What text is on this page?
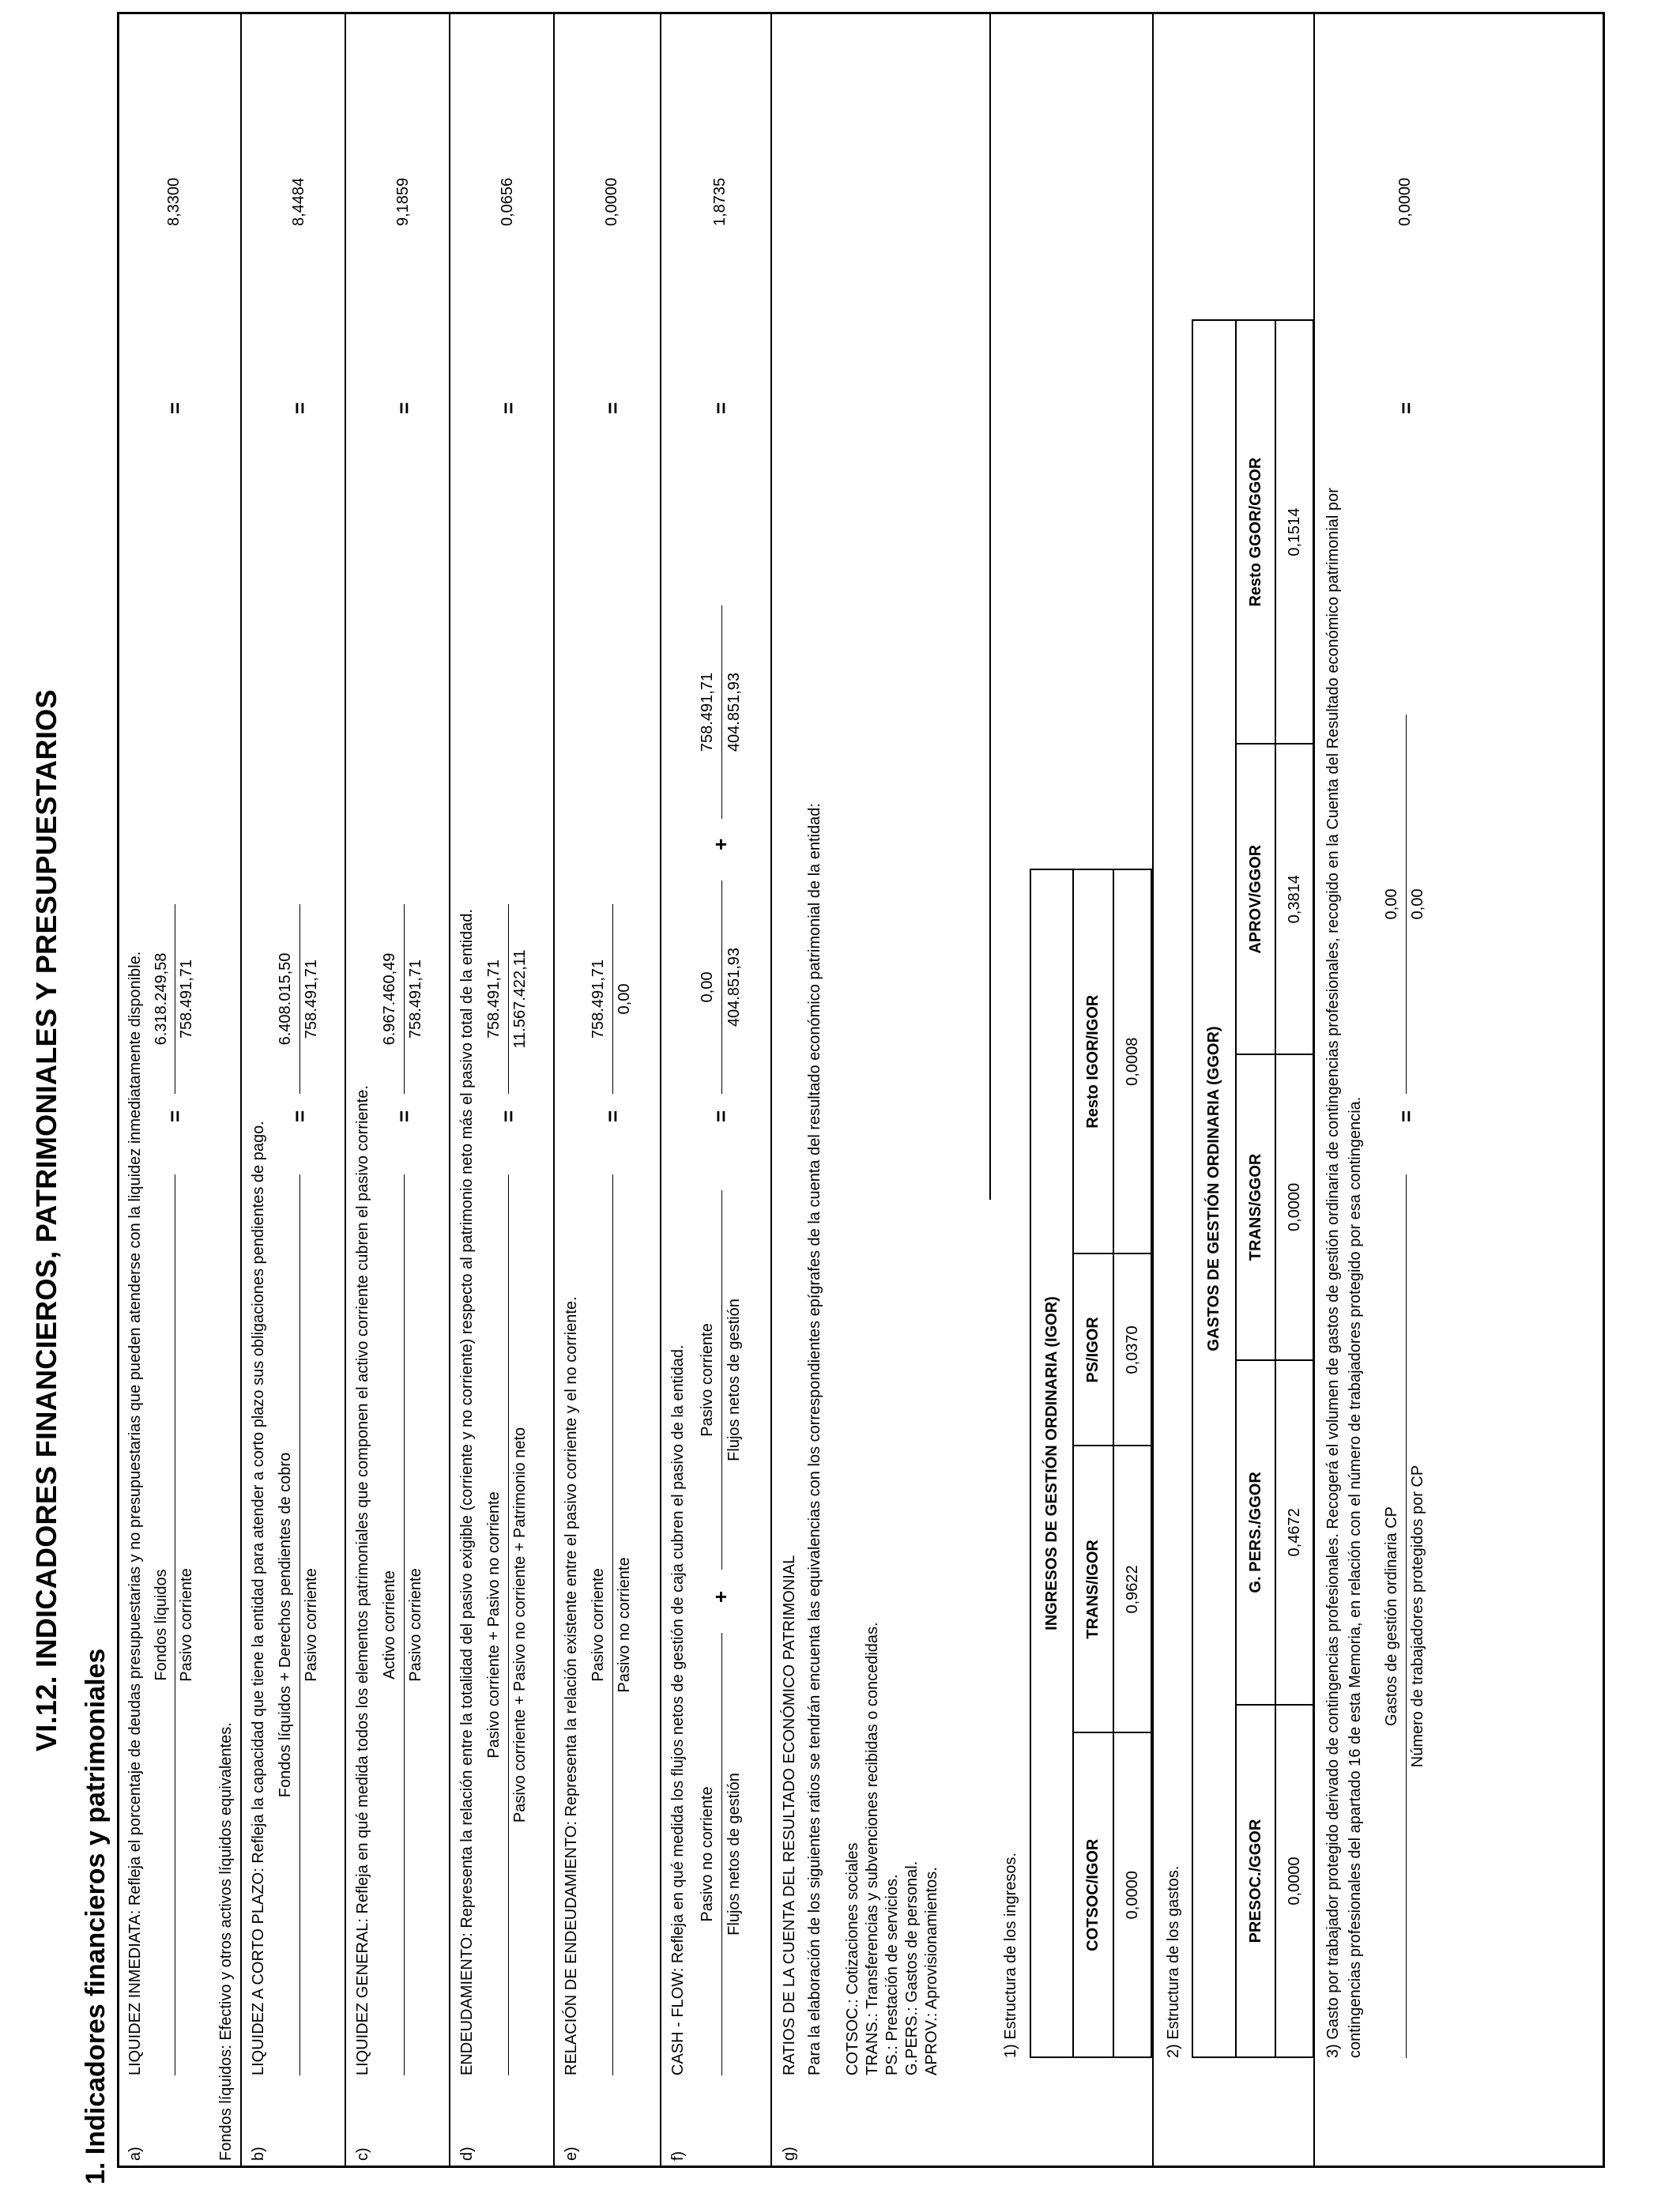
VI.12. INDICADORES FINANCIEROS, PATRIMONIALES Y PRESUPUESTARIOS
1. Indicadores financieros y patrimoniales a)
LIQUIDEZ INMEDIATA: Refleja el porcentaje de deudas presupuestarias y no presupuestarias que pueden atenderse con la liquidez inmediatamente disponible. Fondos líquidos Pasivo corriente
=
6.318.249,58 758.491,71
=
8,3300
Fondos líquidos: Efectivo y otros activos líquidos equivalentes. b)
LIQUIDEZ A CORTO PLAZO: Refleja la capacidad que tiene la entidad para atender a corto plazo sus obligaciones pendientes de pago. Fondos líquidos + Derechos pendientes de cobro Pasivo corriente
=
6.408.015,50 758.491,71
=
8,4484
c)
LIQUIDEZ GENERAL: Refleja en qué medida todos los elementos patrimoniales que componen el activo corriente cubren el pasivo corriente. Activo corriente Pasivo corriente
=
6.967.460,49 758.491,71
=
9,1859
d)
ENDEUDAMIENTO: Representa la relación entre la totalidad del pasivo exigible (corriente y no corriente) respecto al patrimonio neto más el pasivo total de la entidad. Pasivo corriente + Pasivo no corriente Pasivo corriente + Pasivo no corriente + Patrimonio neto
=
758.491,71 11.567.422,11
=
0,0656
e)
RELACIÓN DE ENDEUDAMIENTO: Representa la relación existente entre el pasivo corriente y el no corriente. Pasivo corriente Pasivo no corriente
=
758.491,71 0,00
=
0,0000
f)
CASH - FLOW: Refleja en qué medida los flujos netos de gestión de caja cubren el pasivo de la entidad. Pasivo no corriente Flujos netos de gestión
+
Pasivo corriente Flujos netos de gestión
=
0,00 404.851,93
+
758.491,71 404.851,93
=
1,8735
g)
RATIOS DE LA CUENTA DEL RESULTADO ECONÓMICO PATRIMONIAL Para la elaboración de los siguientes ratios se tendrán encuenta las equivalencias con los correspondientes epígrafes de la cuenta del resultado económico patrimonial de la entidad: COTSOC.: Cotizaciones sociales TRANS.: Transferencias y subvenciones recibidas o concedidas. PS.: Prestación de servicios. G.PERS.: Gastos de personal. APROV.: Aprovisionamientos.	1) Estructura de los ingresos.
INGRESOS DE GESTIÓN ORDINARIA (IGOR)			
COTSOC/IGOR	TRANS/IGOR	PS/IGOR	Resto IGOR/IGOR
0,0000	0,9622	0,0370	0,0008
2) Estructura de los gastos.
GASTOS DE GESTIÓN ORDINARIA (GGOR)				
PRESOC./GGOR	G. PERS./GGOR	TRANS/GGOR	APROV/GGOR	Resto GGOR/GGOR
0,0000	0,4672	0,0000	0,3814	0,1514 3) Gasto por trabajador protegido derivado de contingencias profesionales. Recogerá el volumen de gastos de gestión ordinaria de contingencias profesionales, recogido en la Cuenta del Resultado económico patrimonial por contingencias profesionales del apartado 16 de esta Memoria, en relación con el número de trabajadores protegido por esa contingencia. Gastos de gestión ordinaria CP Número de trabajadores protegidos por CP
=
0,00 0,00
=
0,0000
